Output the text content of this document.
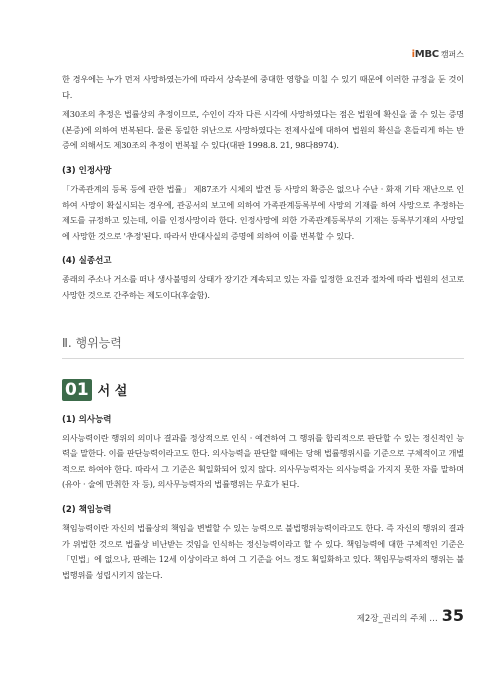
iMBC 캠퍼스

한 경우에는 누가 먼저 사망하였는가에 따라서 상속분에 중대한 영향을 미칠 수 있기 때문에 이러한 규정을 둔 것이다.

제30조의 추정은 법률상의 추정이므로, 수인이 각자 다른 시각에 사망하였다는 점은 법원에 확신을 줄 수 있는 증명(본증)에 의하여 번복된다. 물론 동일한 위난으로 사망하였다는 전제사실에 대하여 법원의 확신을 흔들리게 하는 반증에 의해서도 제30조의 추정이 번복될 수 있다(대판 1998.8. 21, 98다8974).

(3) 인정사망

「가족관계의 등록 등에 관한 법률」 제87조가 시체의 발견 등 사망의 확증은 없으나 수난 · 화재 기타 재난으로 인하여 사망이 확실시되는 경우에, 관공서의 보고에 의하여 가족관계등록부에 사망의 기재를 하여 사망으로 추정하는 제도를 규정하고 있는데, 이를 인정사망이라 한다. 인정사망에 의한 가족관계등록부의 기재는 등록부기재의 사망일에 사망한 것으로 '추정'된다. 따라서 반대사실의 증명에 의하여 이를 번복할 수 있다.

(4) 실종선고

종래의 주소나 거소를 떠나 생사불명의 상태가 장기간 계속되고 있는 자를 일정한 요건과 절차에 따라 법원의 선고로 사망한 것으로 간주하는 제도이다(후술함).

Ⅱ. 행위능력
01 서 설
(1) 의사능력

의사능력이란 행위의 의미나 결과를 정상적으로 인식 · 예견하여 그 행위를 합리적으로 판단할 수 있는 정신적인 능력을 말한다. 이를 판단능력이라고도 한다. 의사능력을 판단할 때에는 당해 법률행위시를 기준으로 구체적이고 개별적으로 하여야 한다. 따라서 그 기준은 획일화되어 있지 않다. 의사무능력자는 의사능력을 가지지 못한 자를 말하며(유아 · 술에 만취한 자 등), 의사무능력자의 법률행위는 무효가 된다.

(2) 책임능력

책임능력이란 자신의 법률상의 책임을 변별할 수 있는 능력으로 불법행위능력이라고도 한다. 즉 자신의 행위의 결과가 위법한 것으로 법률상 비난받는 것임을 인식하는 정신능력이라고 할 수 있다. 책임능력에 대한 구체적인 기준은 「민법」에 없으나, 판례는 12세 이상이라고 하여 그 기준을 어느 정도 획일화하고 있다. 책임무능력자의 행위는 불법행위를 성립시키지 않는다.

제2장_권리의 주체 … 35
